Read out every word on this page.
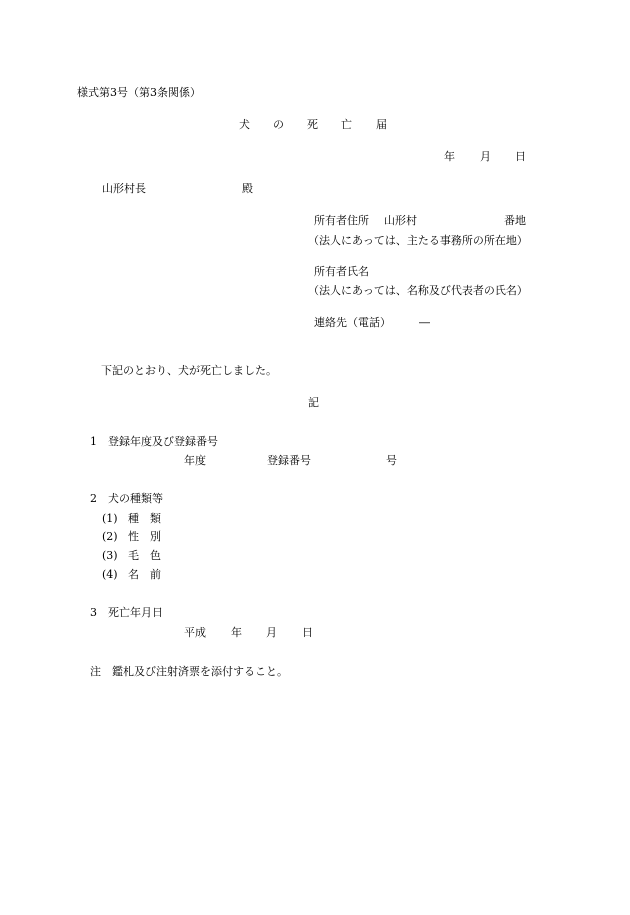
様式第3号（第3条関係）
犬 の 死 亡 届
年 月 日
山形村長	殿
所有者住所 山形村	番地
（法人にあっては、主たる事務所の所在地）
所有者氏名
（法人にあっては、名称及び代表者の氏名）
連絡先（電話）	―
下記のとおり、犬が死亡しました。
記
1　登録年度及び登録番号
年度	登録番号	号
2　犬の種類等
(1) 種　類
(2) 性　別
(3) 毛　色
(4) 名　前
3　死亡年月日
平成 年 月 日
注　鑑札及び注射済票を添付すること。
